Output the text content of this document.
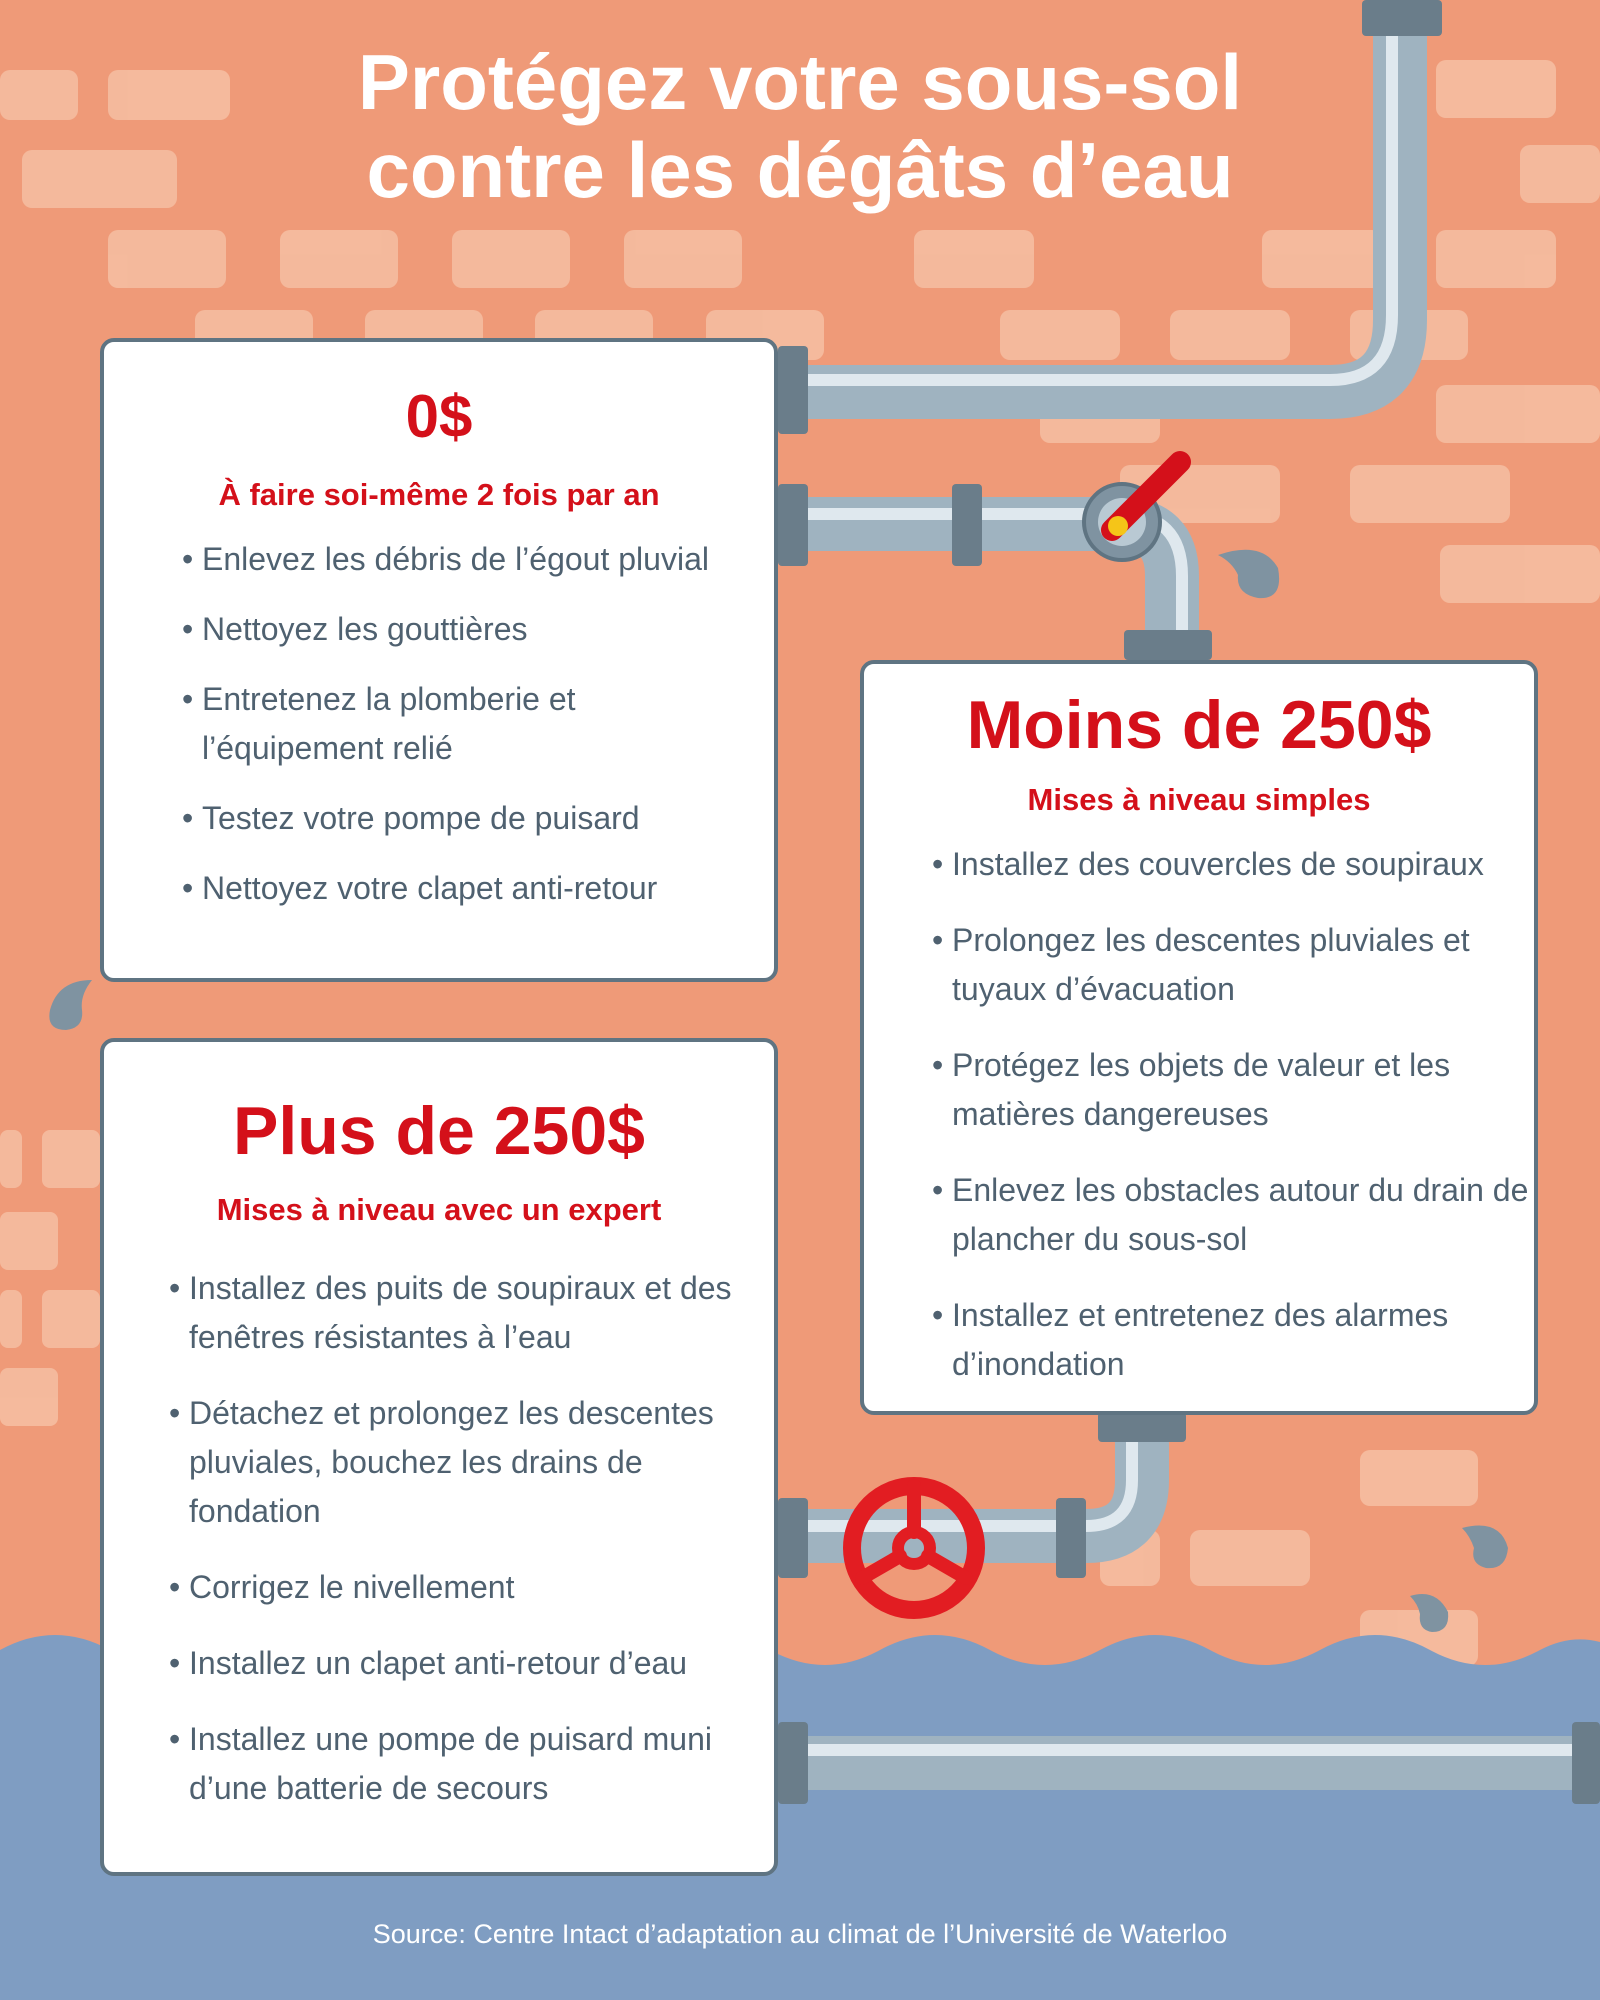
Protégez votre sous-sol
contre les dégâts d’eau

0$

À faire soi-même 2 fois par an

• Enlevez les débris de l’égout pluvial
• Nettoyez les gouttières
• Entretenez la plomberie et l’équipement relié
• Testez votre pompe de puisard
• Nettoyez votre clapet anti-retour

Moins de 250$

Mises à niveau simples

• Installez des couvercles de soupiraux
• Prolongez les descentes pluviales et tuyaux d’évacuation
• Protégez les objets de valeur et les matières dangereuses
• Enlevez les obstacles autour du drain de plancher du sous-sol
• Installez et entretenez des alarmes d’inondation

Plus de 250$

Mises à niveau avec un expert

• Installez des puits de soupiraux et des fenêtres résistantes à l’eau
• Détachez et prolongez les descentes pluviales, bouchez les drains de fondation
• Corrigez le nivellement
• Installez un clapet anti-retour d’eau
• Installez une pompe de puisard muni d’une batterie de secours
Source: Centre Intact d’adaptation au climat de l’Université de Waterloo
